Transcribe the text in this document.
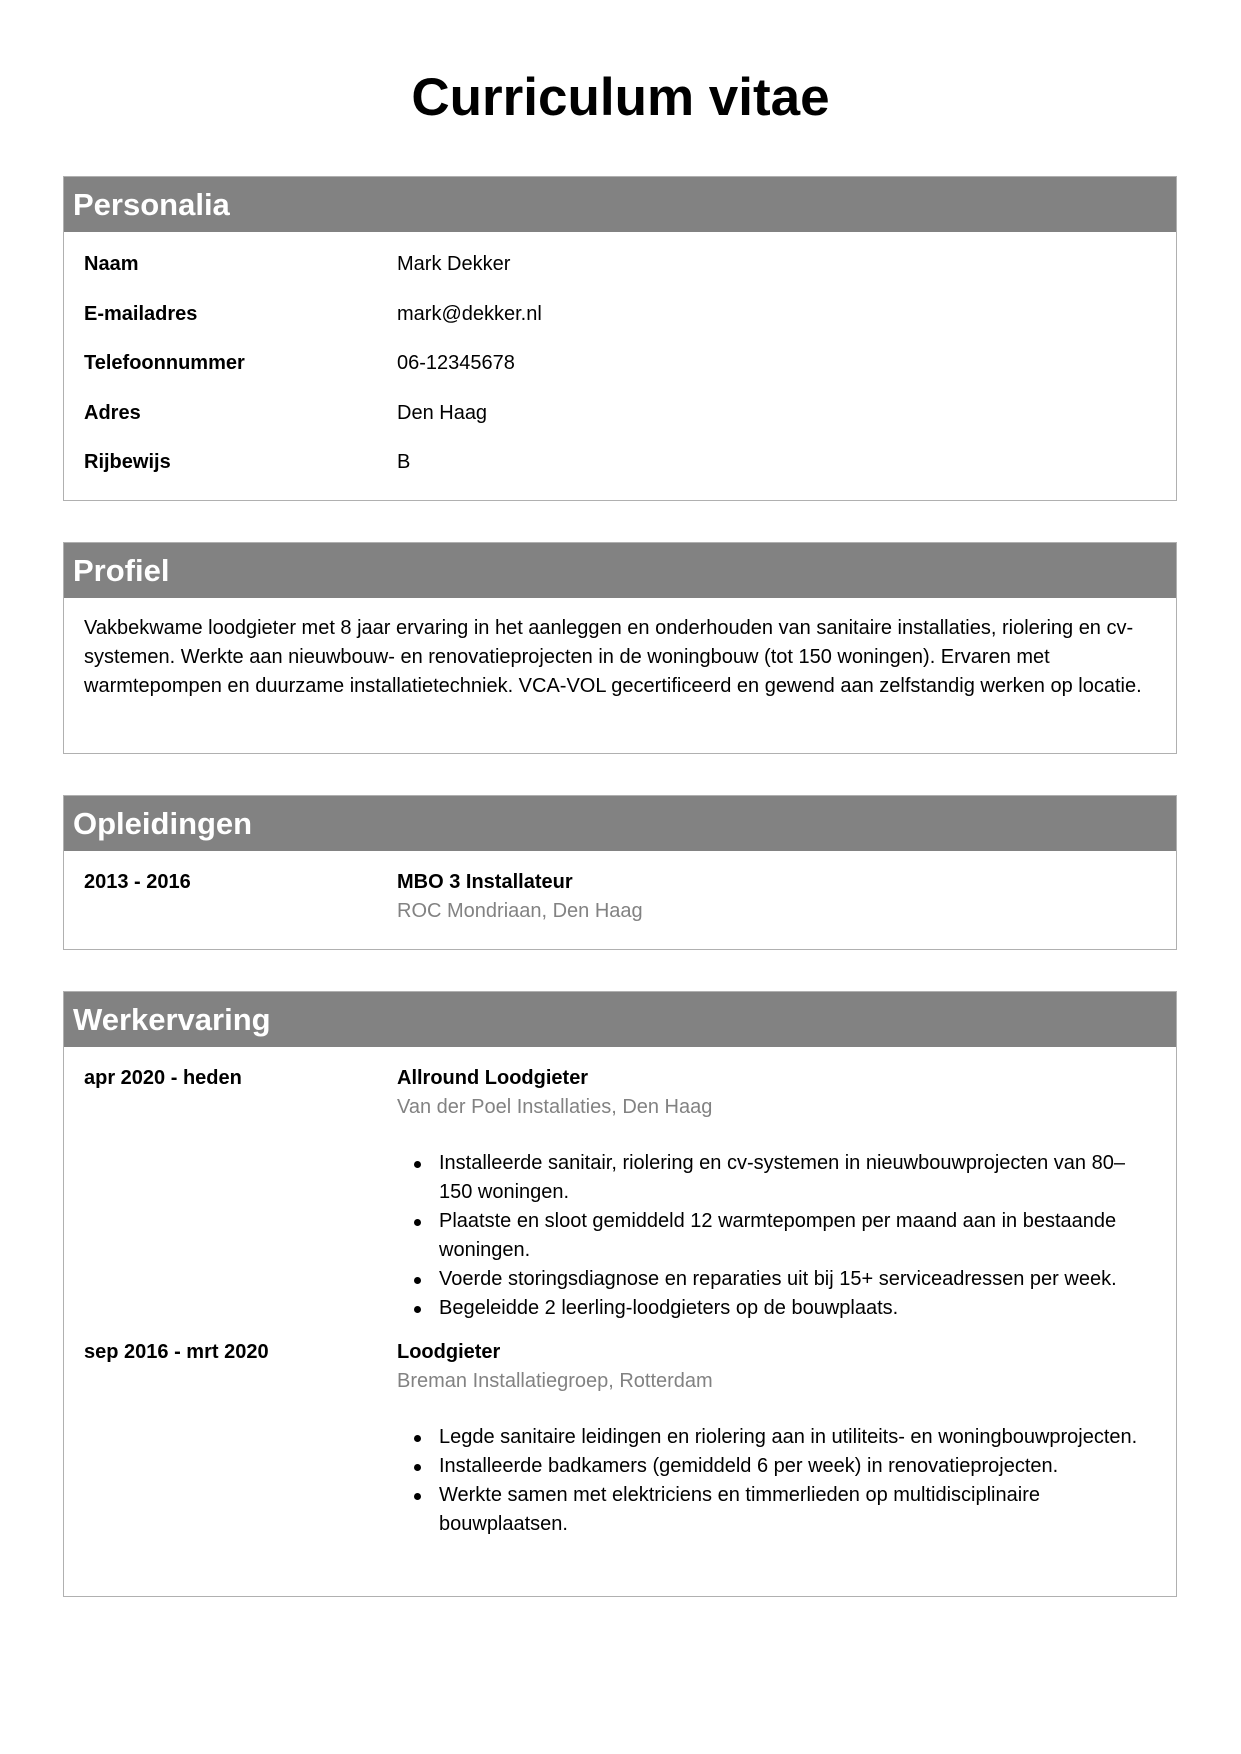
Curriculum vitae
Personalia
Naam	Mark Dekker
E-mailadres	mark@dekker.nl
Telefoonnummer	06-12345678
Adres	Den Haag
Rijbewijs	B
Profiel

Vakbekwame loodgieter met 8 jaar ervaring in het aanleggen en onderhouden van sanitaire installaties, riolering en cv-systemen. Werkte aan nieuwbouw- en renovatieprojecten in de woningbouw (tot 150 woningen). Ervaren met warmtepompen en duurzame installatietechniek. VCA-VOL gecertificeerd en gewend aan zelfstandig werken op locatie.

Opleidingen
2013 - 2016	MBO 3 Installateur
ROC Mondriaan, Den Haag
Werkervaring
apr 2020 - heden	Allround Loodgieter
Van der Poel Installaties, Den Haag
Installeerde sanitair, riolering en cv-systemen in nieuwbouwprojecten van 80–150 woningen.
Plaatste en sloot gemiddeld 12 warmtepompen per maand aan in bestaande woningen.
Voerde storingsdiagnose en reparaties uit bij 15+ serviceadressen per week.
Begeleidde 2 leerling-loodgieters op de bouwplaats.
sep 2016 - mrt 2020	Loodgieter
Breman Installatiegroep, Rotterdam
Legde sanitaire leidingen en riolering aan in utiliteits- en woningbouwprojecten.
Installeerde badkamers (gemiddeld 6 per week) in renovatieprojecten.
Werkte samen met elektriciens en timmerlieden op multidisciplinaire bouwplaatsen.
